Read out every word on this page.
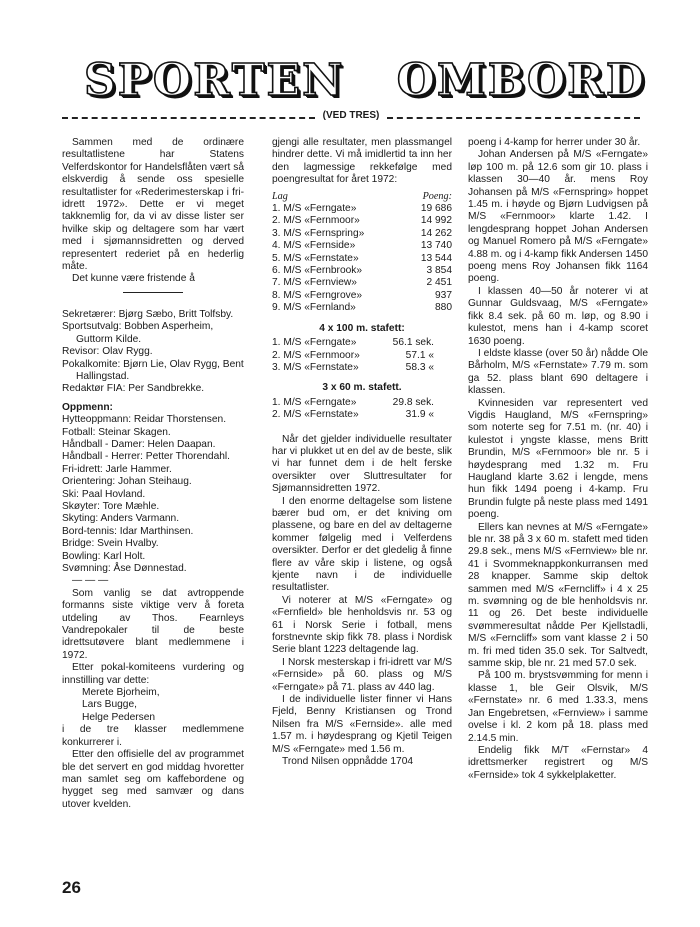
S P O R T E N O M B O R D
(VED TRES)

Sammen med de ordinære resultatlistene har Statens Velferdskontor for Handelsflåten vært så elskverdig å sende oss spesielle resultatlister for «Rederimesterskap i fri-idrett 1972». Dette er vi meget takknemlig for, da vi av disse lister ser hvilke skip og deltagere som har vært med i sjømannsidretten og derved representert rederiet på en hederlig måte.

Det kunne være fristende å

Sekretærer: Bjørg Sæbo, Britt Tolfsby.

Sportsutvalg: Bobben Asperheim, Guttorm Kilde.

Revisor: Olav Rygg.

Pokalkomite: Bjørn Lie, Olav Rygg, Bent Hallingstad.

Redaktør FIA: Per Sandbrekke.

Oppmenn:

Hytteoppmann: Reidar Thorstensen.

Fotball: Steinar Skagen.

Håndball - Damer: Helen Daapan.

Håndball - Herrer: Petter Thorendahl.

Fri-idrett: Jarle Hammer.

Orientering: Johan Steihaug.

Ski: Paal Hovland.

Skøyter: Tore Mæhle.

Skyting: Anders Varmann.

Bord-tennis: Idar Marthinsen.

Bridge: Svein Hvalby.

Bowling: Karl Holt.

Svømning: Åse Dønnestad.

— — —

Som vanlig se dat avtroppende formanns siste viktige verv å foreta utdeling av Thos. Fearnleys Vandrepokaler til de beste idrettsutøvere blant medlemmene i 1972.

Etter pokal-komiteens vurdering og innstilling var dette:

Merete Bjorheim,

Lars Bugge,

Helge Pedersen

i de tre klasser medlemmene konkurrerer i.

Etter den offisielle del av programmet ble det servert en god middag hvoretter man samlet seg om kaffebordene og hygget seg med samvær og dans utover kvelden.

gjengi alle resultater, men plassmangel hindrer dette. Vi må imidlertid ta inn her den lagmessige rekkefølge med poengresultat for året 1972:

Lag	Poeng:
1. M/S «Ferngate»	19 686
2. M/S «Fernmoor»	14 992
3. M/S «Fernspring»	14 262
4. M/S «Fernside»	13 740
5. M/S «Fernstate»	13 544
6. M/S «Fernbrook»	3 854
7. M/S «Fernview»	2 451
8. M/S «Ferngrove»	937
9. M/S «Fernland»	880

4 x 100 m. stafett:

1. M/S «Ferngate»	56.1 sek.
2. M/S «Fernmoor»	57.1 «
3. M/S «Fernstate»	58.3 «

3 x 60 m. stafett.

1. M/S «Ferngate»	29.8 sek.
2. M/S «Fernstate»	31.9 «

Når det gjelder individuelle resultater har vi plukket ut en del av de beste, slik vi har funnet dem i de helt ferske oversikter over Sluttresultater for Sjømannsidretten 1972.

I den enorme deltagelse som listene bærer bud om, er det kniving om plassene, og bare en del av deltagerne kommer følgelig med i Velferdens oversikter. Derfor er det gledelig å finne flere av våre skip i listene, og også kjente navn i de individuelle resultatlister.

Vi noterer at M/S «Ferngate» og «Fernfield» ble henholdsvis nr. 53 og 61 i Norsk Serie i fotball, mens forstnevnte skip fikk 78. plass i Nordisk Serie blant 1223 deltagende lag.

I Norsk mesterskap i fri-idrett var M/S «Fernside» på 60. plass og M/S «Ferngate» på 71. plass av 440 lag.

I de individuelle lister finner vi Hans Fjeld, Benny Kristiansen og Trond Nilsen fra M/S «Fernside». alle med 1.57 m. i høydesprang og Kjetil Teigen M/S «Ferngate» med 1.56 m.

Trond Nilsen oppnådde 1704

poeng i 4-kamp for herrer under 30 år.

Johan Andersen på M/S «Ferngate» løp 100 m. på 12.6 som gir 10. plass i klassen 30—40 år. mens Roy Johansen på M/S «Fernspring» hoppet 1.45 m. i høyde og Bjørn Ludvigsen på M/S «Fernmoor» klarte 1.42. I lengdesprang hoppet Johan Andersen og Manuel Romero på M/S «Ferngate» 4.88 m. og i 4-kamp fikk Andersen 1450 poeng mens Roy Johansen fikk 1164 poeng.

I klassen 40—50 år noterer vi at Gunnar Guldsvaag, M/S «Ferngate» fikk 8.4 sek. på 60 m. løp, og 8.90 i kulestot, mens han i 4-kamp scoret 1630 poeng.

I eldste klasse (over 50 år) nådde Ole Bårholm, M/S «Fernstate» 7.79 m. som ga 52. plass blant 690 deltagere i klassen.

Kvinnesiden var representert ved Vigdis Haugland, M/S «Fernspring» som noterte seg for 7.51 m. (nr. 40) i kulestot i yngste klasse, mens Britt Brundin, M/S «Fernmoor» ble nr. 5 i høydesprang med 1.32 m. Fru Haugland klarte 3.62 i lengde, mens hun fikk 1494 poeng i 4-kamp. Fru Brundin fulgte på neste plass med 1491 poeng.

Ellers kan nevnes at M/S «Ferngate» ble nr. 38 på 3 x 60 m. stafett med tiden 29.8 sek., mens M/S «Fernview» ble nr. 41 i Svommeknappkonkurransen med 28 knapper. Samme skip deltok sammen med M/S «Ferncliff» i 4 x 25 m. svømning og de ble henholdsvis nr. 11 og 26. Det beste individuelle svømmeresultat nådde Per Kjellstadli, M/S «Ferncliff» som vant klasse 2 i 50 m. fri med tiden 35.0 sek. Tor Saltvedt, samme skip, ble nr. 21 med 57.0 sek.

På 100 m. brystsvømming for menn i klasse 1, ble Geir Olsvik, M/S «Fernstate» nr. 6 med 1.33.3, mens Jan Engebretsen, «Fernview» i samme ovelse i kl. 2 kom på 18. plass med 2.14.5 min.

Endelig fikk M/T «Fernstar» 4 idrettsmerker registrert og M/S «Fernside» tok 4 sykkelplaketter.

26
